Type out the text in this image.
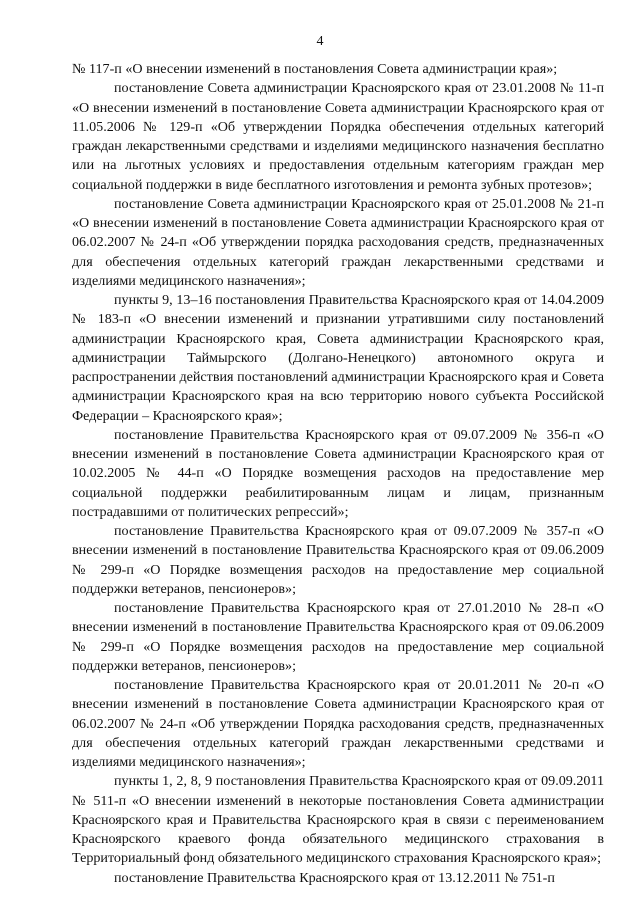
4

№ 117-п «О внесении изменений в постановления Совета администрации края»;

постановление Совета администрации Красноярского края от 23.01.2008 № 11-п «О внесении изменений в постановление Совета администрации Красноярского края от 11.05.2006 № 129-п «Об утверждении Порядка обеспечения отдельных категорий граждан лекарственными средствами и изделиями медицинского назначения бесплатно или на льготных условиях и предоставления отдельным категориям граждан мер социальной поддержки в виде бесплатного изготовления и ремонта зубных протезов»;

постановление Совета администрации Красноярского края от 25.01.2008 № 21-п «О внесении изменений в постановление Совета администрации Красноярского края от 06.02.2007 № 24-п «Об утверждении порядка расходования средств, предназначенных для обеспечения отдельных категорий граждан лекарственными средствами и изделиями медицинского назначения»;

пункты 9, 13–16 постановления Правительства Красноярского края от 14.04.2009 № 183-п «О внесении изменений и признании утратившими силу постановлений администрации Красноярского края, Совета администрации Красноярского края, администрации Таймырского (Долгано-Ненецкого) автономного округа и распространении действия постановлений администрации Красноярского края и Совета администрации Красноярского края на всю территорию нового субъекта Российской Федерации – Красноярского края»;

постановление Правительства Красноярского края от 09.07.2009 № 356-п «О внесении изменений в постановление Совета администрации Красноярского края от 10.02.2005 № 44-п «О Порядке возмещения расходов на предоставление мер социальной поддержки реабилитированным лицам и лицам, признанным пострадавшими от политических репрессий»;

постановление Правительства Красноярского края от 09.07.2009 № 357-п «О внесении изменений в постановление Правительства Красноярского края от 09.06.2009 № 299-п «О Порядке возмещения расходов на предоставление мер социальной поддержки ветеранов, пенсионеров»;

постановление Правительства Красноярского края от 27.01.2010 № 28-п «О внесении изменений в постановление Правительства Красноярского края от 09.06.2009 № 299-п «О Порядке возмещения расходов на предоставление мер социальной поддержки ветеранов, пенсионеров»;

постановление Правительства Красноярского края от 20.01.2011 № 20-п «О внесении изменений в постановление Совета администрации Красноярского края от 06.02.2007 № 24-п «Об утверждении Порядка расходования средств, предназначенных для обеспечения отдельных категорий граждан лекарственными средствами и изделиями медицинского назначения»;

пункты 1, 2, 8, 9 постановления Правительства Красноярского края от 09.09.2011 № 511-п «О внесении изменений в некоторые постановления Совета администрации Красноярского края и Правительства Красноярского края в связи с переименованием Красноярского краевого фонда обязательного медицинского страхования в Территориальный фонд обязательного медицинского страхования Красноярского края»;

постановление Правительства Красноярского края от 13.12.2011 № 751-п
